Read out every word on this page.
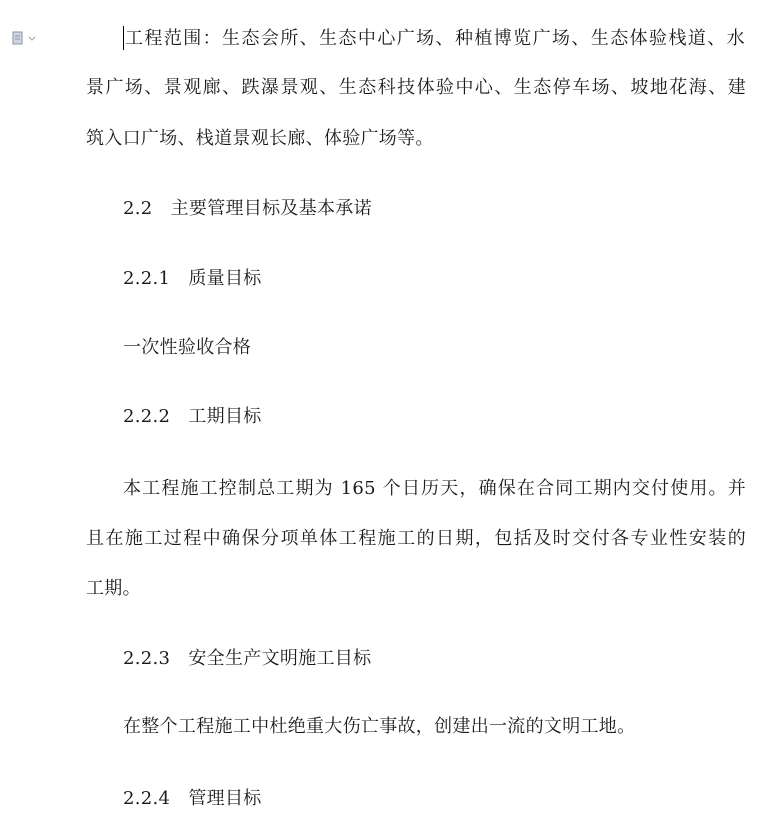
工程范围：生态会所、生态中心广场、种植博览广场、生态体验栈道、水
景广场、景观廊、跌瀑景观、生态科技体验中心、生态停车场、坡地花海、建
筑入口广场、栈道景观长廊、体验广场等。
2.2   主要管理目标及基本承诺
2.2.1   质量目标
一次性验收合格
2.2.2   工期目标
本工程施工控制总工期为 165 个日历天，确保在合同工期内交付使用。并
且在施工过程中确保分项单体工程施工的日期，包括及时交付各专业性安装的
工期。
2.2.3   安全生产文明施工目标
在整个工程施工中杜绝重大伤亡事故，创建出一流的文明工地。
2.2.4   管理目标
